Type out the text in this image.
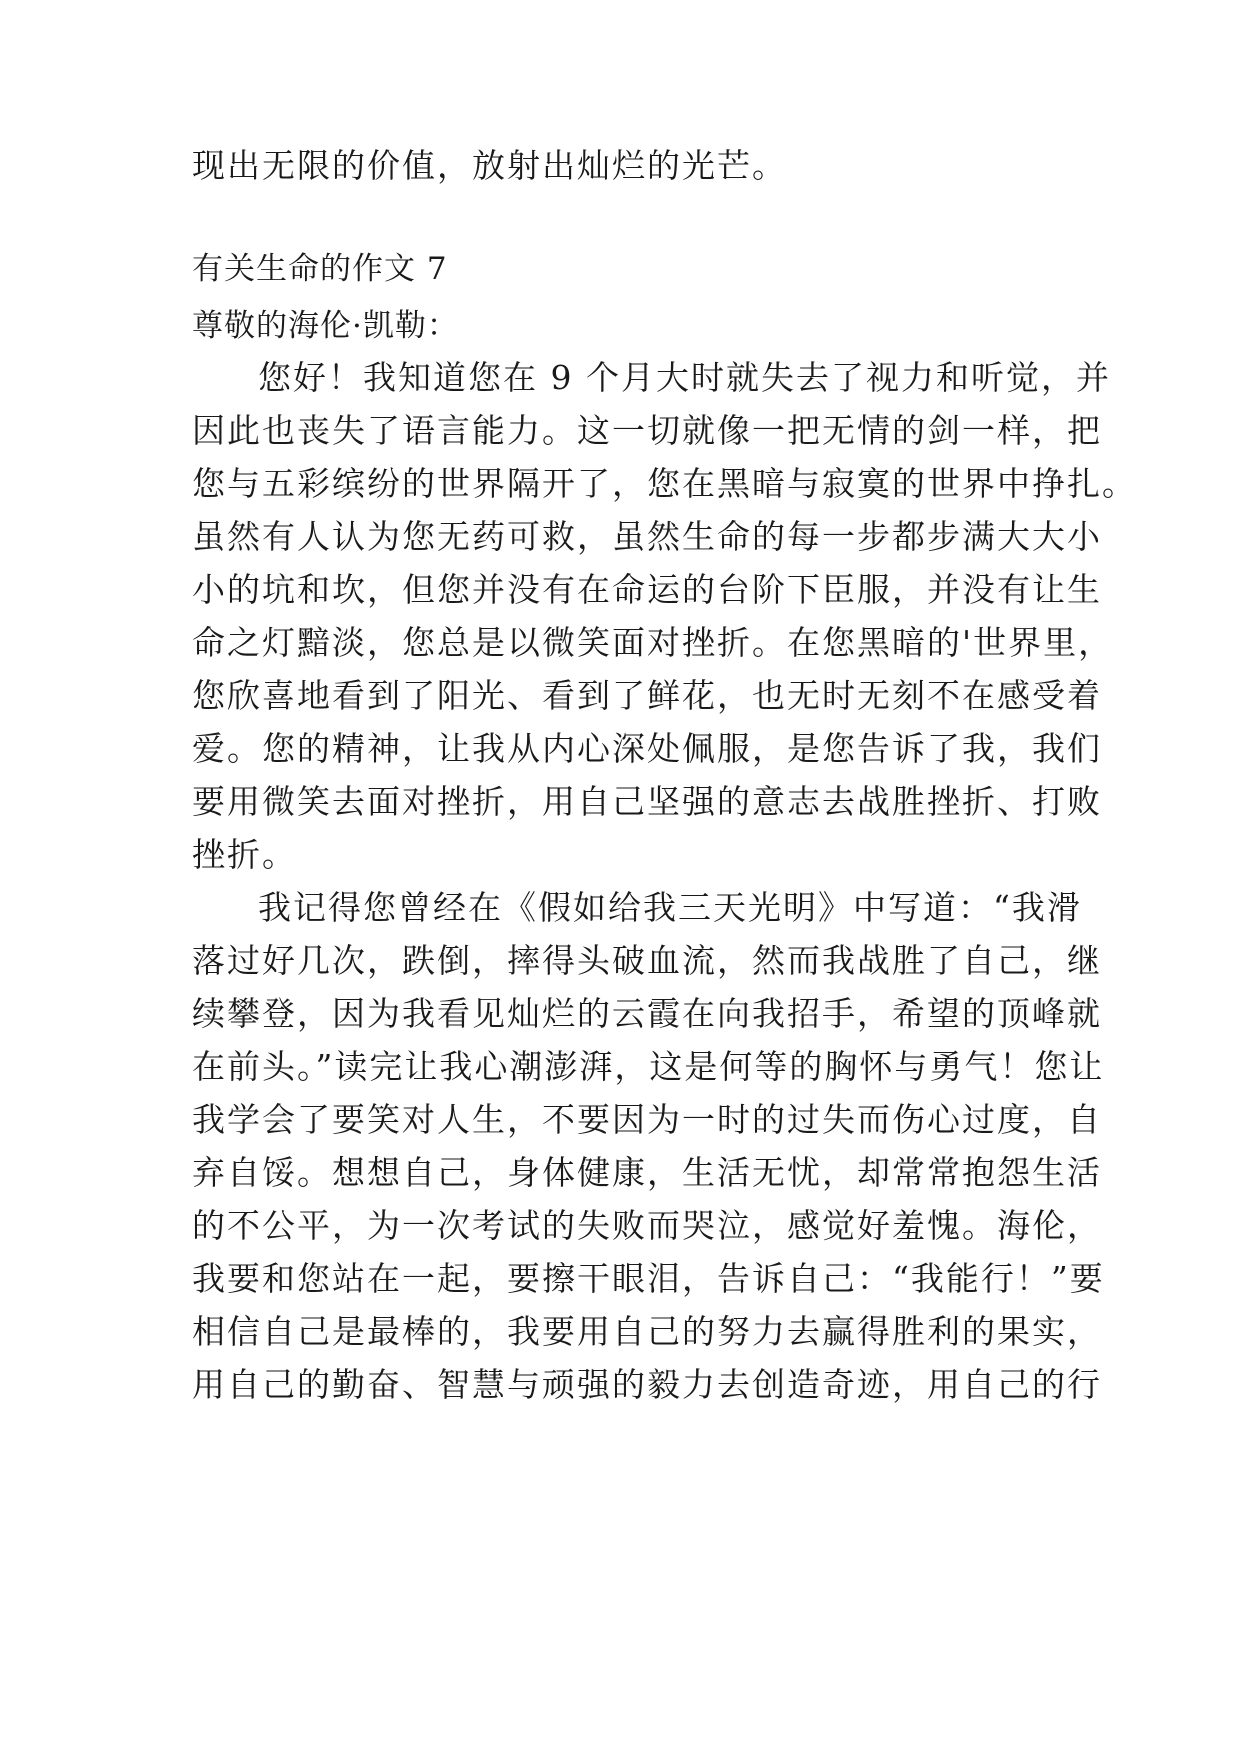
现出无限的价值，放射出灿烂的光芒。
有关生命的作文 7
尊敬的海伦·凯勒：
您好！我知道您在 9 个月大时就失去了视力和听觉，并
因此也丧失了语言能力。这一切就像一把无情的剑一样，把
您与五彩缤纷的世界隔开了，您在黑暗与寂寞的世界中挣扎。
虽然有人认为您无药可救，虽然生命的每一步都步满大大小
小的坑和坎，但您并没有在命运的台阶下臣服，并没有让生
命之灯黯淡，您总是以微笑面对挫折。在您黑暗的'世界里，
您欣喜地看到了阳光、看到了鲜花，也无时无刻不在感受着
爱。您的精神，让我从内心深处佩服，是您告诉了我，我们
要用微笑去面对挫折，用自己坚强的意志去战胜挫折、打败
挫折。
我记得您曾经在《假如给我三天光明》中写道：“我滑
落过好几次，跌倒，摔得头破血流，然而我战胜了自己，继
续攀登，因为我看见灿烂的云霞在向我招手，希望的顶峰就
在前头。”读完让我心潮澎湃，这是何等的胸怀与勇气！您让
我学会了要笑对人生，不要因为一时的过失而伤心过度，自
弃自馁。想想自己，身体健康，生活无忧，却常常抱怨生活
的不公平，为一次考试的失败而哭泣，感觉好羞愧。海伦，
我要和您站在一起，要擦干眼泪，告诉自己：“我能行！”要
相信自己是最棒的，我要用自己的努力去赢得胜利的果实，
用自己的勤奋、智慧与顽强的毅力去创造奇迹，用自己的行
